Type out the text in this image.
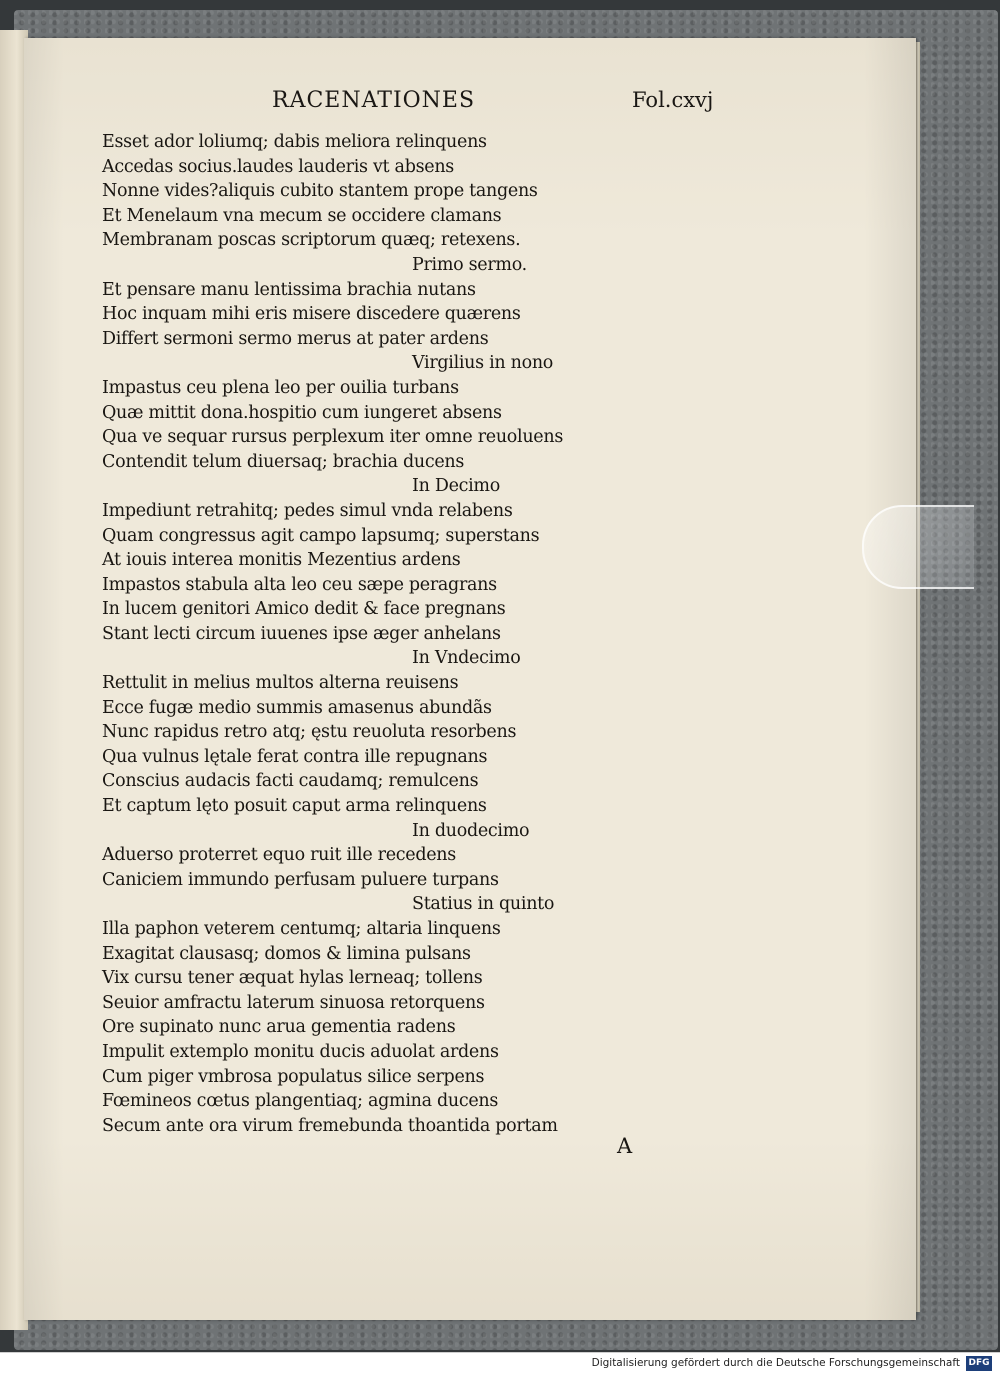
RACENATIONES	Fol.cxvj
Esset ador loliumq; dabis meliora relinquens
Accedas socius.laudes lauderis vt absens
Nonne vides?aliquis cubito stantem prope tangens
Et Menelaum vna mecum se occidere clamans
Membranam poscas scriptorum quæq; retexens.
Primo sermo.
Et pensare manu lentissima brachia nutans
Hoc inquam mihi eris misere discedere quærens
Differt sermoni sermo merus at pater ardens
Virgilius in nono
Impastus ceu plena leo per ouilia turbans
Quæ mittit dona.hospitio cum iungeret absens
Qua ve sequar rursus perplexum iter omne reuoluens
Contendit telum diuersaq; brachia ducens
In Decimo
Impediunt retrahitq; pedes simul vnda relabens
Quam congressus agit campo lapsumq; superstans
At iouis interea monitis Mezentius ardens
Impastos stabula alta leo ceu sæpe peragrans
In lucem genitori Amico dedit & face pregnans
Stant lecti circum iuuenes ipse æger anhelans
In Vndecimo
Rettulit in melius multos alterna reuisens
Ecce fugæ medio summis amasenus abundãs
Nunc rapidus retro atq; ęstu reuoluta resorbens
Qua vulnus lętale ferat contra ille repugnans
Conscius audacis facti caudamq; remulcens
Et captum lęto posuit caput arma relinquens
In duodecimo
Aduerso proterret equo ruit ille recedens
Caniciem immundo perfusam puluere turpans
Statius in quinto
Illa paphon veterem centumq; altaria linquens
Exagitat clausasq; domos & limina pulsans
Vix cursu tener æquat hylas lerneaq; tollens
Seuior amfractu laterum sinuosa retorquens
Ore supinato nunc arua gementia radens
Impulit extemplo monitu ducis aduolat ardens
Cum piger vmbrosa populatus silice serpens
Fœmineos cœtus plangentiaq; agmina ducens
Secum ante ora virum fremebunda thoantida portam
A
Digitalisierung gefördert durch die Deutsche Forschungsgemeinschaft DFG
